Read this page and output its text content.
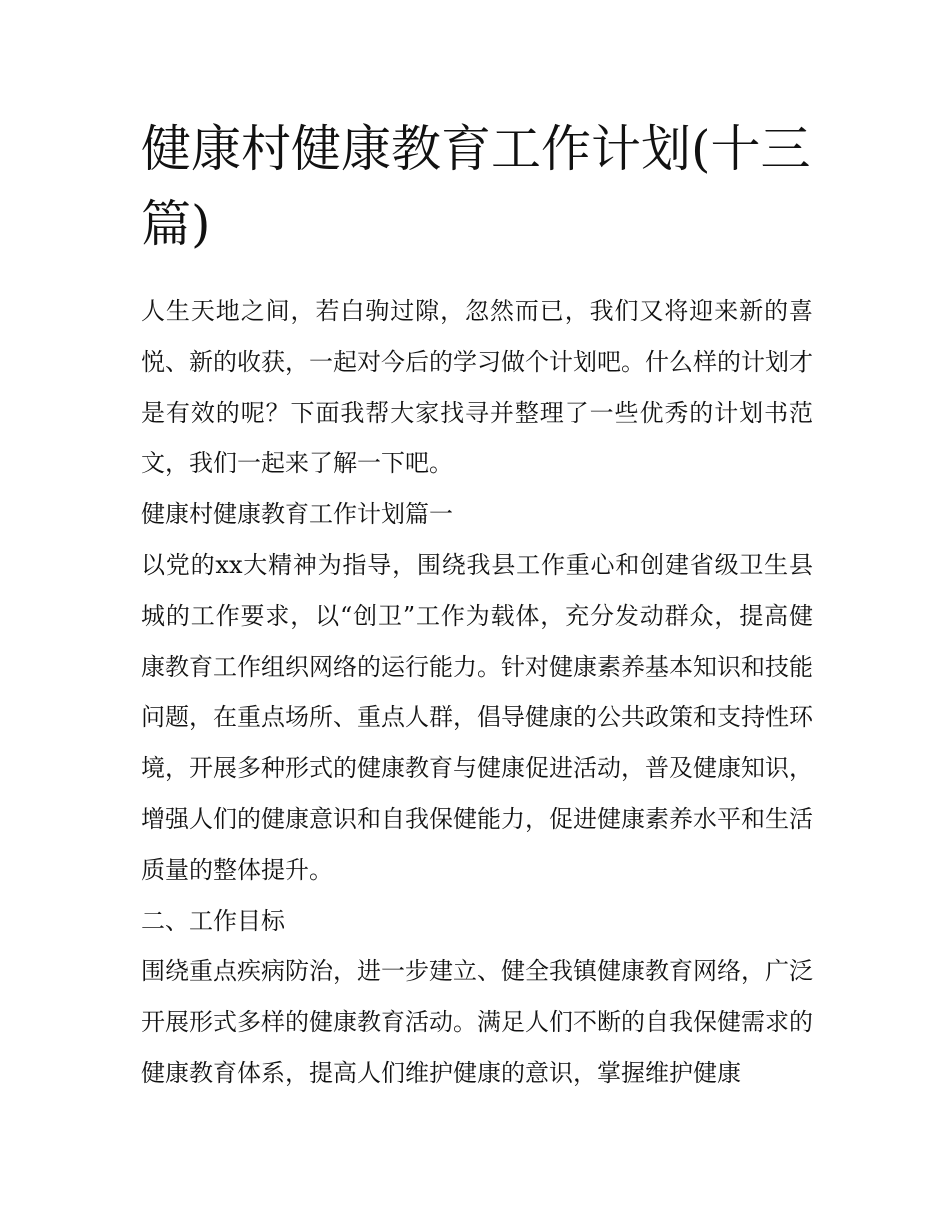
健康村健康教育工作计划(十三篇)

人生天地之间，若白驹过隙，忽然而已，我们又将迎来新的喜悦、新的收获，一起对今后的学习做个计划吧。什么样的计划才是有效的呢？下面我帮大家找寻并整理了一些优秀的计划书范文，我们一起来了解一下吧。

健康村健康教育工作计划篇一

以党的xx大精神为指导，围绕我县工作重心和创建省级卫生县城的工作要求，以“创卫”工作为载体，充分发动群众，提高健康教育工作组织网络的运行能力。针对健康素养基本知识和技能问题，在重点场所、重点人群，倡导健康的公共政策和支持性环境，开展多种形式的健康教育与健康促进活动，普及健康知识，增强人们的健康意识和自我保健能力，促进健康素养水平和生活质量的整体提升。

二、工作目标

围绕重点疾病防治，进一步建立、健全我镇健康教育网络，广泛开展形式多样的健康教育活动。满足人们不断的自我保健需求的健康教育体系，提高人们维护健康的意识，掌握维护健康
